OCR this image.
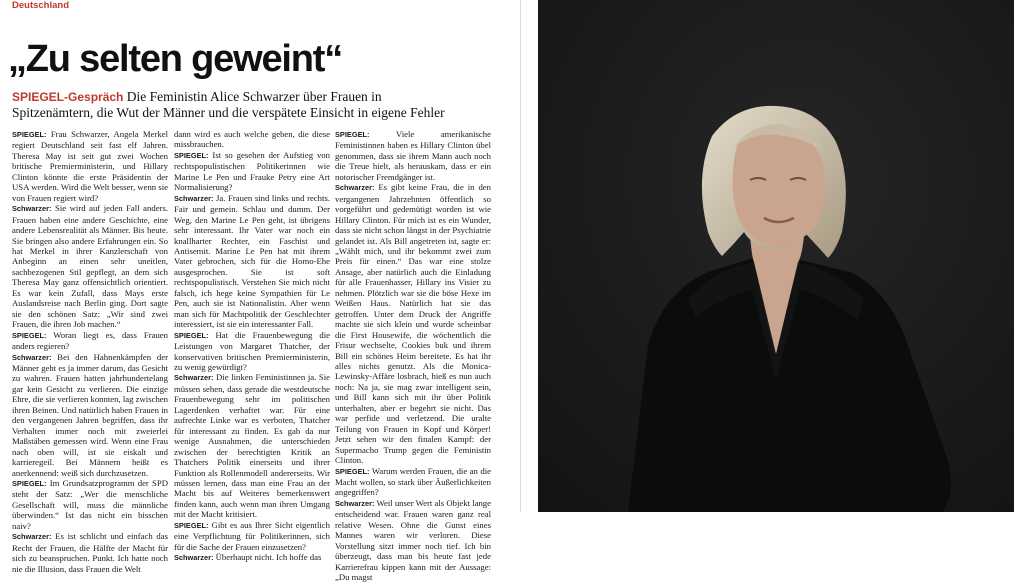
Deutschland
„Zu selten geweint“
SPIEGEL-Gespräch Die Feministin Alice Schwarzer über Frauen in Spitzenämtern, die Wut der Männer und die verspätete Einsicht in eigene Fehler

SPIEGEL: Frau Schwarzer, Angela Merkel regiert Deutschland seit fast elf Jahren. Theresa May ist seit gut zwei Wochen britische Premierministerin, und Hillary Clinton könnte die erste Präsidentin der USA werden. Wird die Welt besser, wenn sie von Frauen regiert wird?

Schwarzer: Sie wird auf jeden Fall anders. Frauen haben eine andere Geschichte, eine andere Lebensrealität als Männer. Bis heute. Sie bringen also andere Erfahrungen ein. So hat Merkel in ihrer Kanzlerschaft von Anbeginn an einen sehr uneitlen, sachbezogenen Stil gepflegt, an dem sich Theresa May ganz offensichtlich orientiert. Es war kein Zufall, dass Mays erste Auslandsreise nach Berlin ging. Dort sagte sie den schönen Satz: „Wir sind zwei Frauen, die ihren Job machen.“

SPIEGEL: Woran liegt es, dass Frauen anders regieren?

Schwarzer: Bei den Hahnenkämpfen der Männer geht es ja immer darum, das Gesicht zu wahren. Frauen hatten jahrhundertelang gar kein Gesicht zu verlieren. Die einzige Ehre, die sie verlieren konnten, lag zwischen ihren Beinen. Und natürlich haben Frauen in den vergangenen Jahren begriffen, dass ihr Verhalten immer noch mit zweierlei Maßstäben gemessen wird. Wenn eine Frau nach oben will, ist sie eiskalt und karrieregeil. Bei Männern heißt es anerkennend: weiß sich durchzusetzen.

SPIEGEL: Im Grundsatzprogramm der SPD steht der Satz: „Wer die menschliche Gesellschaft will, muss die männliche überwinden.“ Ist das nicht ein bisschen naiv?

Schwarzer: Es ist schlicht und einfach das Recht der Frauen, die Hälfte der Macht für sich zu beanspruchen. Punkt. Ich hatte noch nie die Illusion, dass Frauen die Welt

dann wird es auch welche geben, die diese missbrauchen.

SPIEGEL: Ist so gesehen der Aufstieg von rechtspopulistischen Politikerinnen wie Marine Le Pen und Frauke Petry eine Art Normalisierung?

Schwarzer: Ja. Frauen sind links und rechts. Fair und gemein. Schlau und dumm. Der Weg, den Marine Le Pen geht, ist übrigens sehr interessant. Ihr Vater war noch ein knallharter Rechter, ein Faschist und Antisemit. Marine Le Pen hat mit ihrem Vater gebrochen, sich für die Homo-Ehe ausgesprochen. Sie ist soft rechtspopulistisch. Verstehen Sie mich nicht falsch, ich hege keine Sympathien für Le Pen, auch sie ist Nationalistin. Aber wenn man sich für Machtpolitik der Geschlechter interessiert, ist sie ein interessanter Fall.

SPIEGEL: Hat die Frauenbewegung die Leistungen von Margaret Thatcher, der konservativen britischen Premierministerin, zu wenig gewürdigt?

Schwarzer: Die linken Feministinnen ja. Sie müssen sehen, dass gerade die westdeutsche Frauenbewegung sehr im politischen Lagerdenken verhaftet war. Für eine aufrechte Linke war es verboten, Thatcher für interessant zu finden. Es gab da nur wenige Ausnahmen, die unterschieden zwischen der berechtigten Kritik an Thatchers Politik einerseits und ihrer Funktion als Rollenmodell andererseits. Wir müssen lernen, dass man eine Frau an der Macht bis auf Weiteres bemerkenswert finden kann, auch wenn man ihren Umgang mit der Macht kritisiert.

SPIEGEL: Gibt es aus Ihrer Sicht eigentlich eine Verpflichtung für Politikerinnen, sich für die Sache der Frauen einzusetzen?

Schwarzer: Überhaupt nicht. Ich hoffe das

SPIEGEL: Viele amerikanische Feministinnen haben es Hillary Clinton übel genommen, dass sie ihrem Mann auch noch die Treue hielt, als herauskam, dass er ein notorischer Fremdgänger ist.

Schwarzer: Es gibt keine Frau, die in den vergangenen Jahrzehnten öffentlich so vorgeführt und gedemütigt worden ist wie Hillary Clinton. Für mich ist es ein Wunder, dass sie nicht schon längst in der Psychiatrie gelandet ist. Als Bill angetreten ist, sagte er: „Wählt mich, und ihr bekommt zwei zum Preis für einen.“ Das war eine stolze Ansage, aber natürlich auch die Einladung für alle Frauenhasser, Hillary ins Visier zu nehmen. Plötzlich war sie die böse Hexe im Weißen Haus. Natürlich hat sie das getroffen. Unter dem Druck der Angriffe machte sie sich klein und wurde scheinbar die First Housewife, die wöchentlich die Frisur wechselte, Cookies buk und ihrem Bill ein schönes Heim bereitete. Es hat ihr alles nichts genutzt. Als die Monica-Lewinsky-Affäre losbrach, hieß es nun auch noch: Na ja, sie mag zwar intelligent sein, und Bill kann sich mit ihr über Politik unterhalten, aber er begehrt sie nicht. Das war perfide und verletzend. Die uralte Teilung von Frauen in Kopf und Körper! Jetzt sehen wir den finalen Kampf: der Supermacho Trump gegen die Feministin Clinton.

SPIEGEL: Warum werden Frauen, die an die Macht wollen, so stark über Äußerlichkeiten angegriffen?

Schwarzer: Weil unser Wert als Objekt lange entscheidend war. Frauen waren ganz real relative Wesen. Ohne die Gunst eines Mannes waren wir verloren. Diese Vorstellung sitzt immer noch tief. Ich bin überzeugt, dass man bis heute fast jede Karrierefrau kippen kann mit der Aussage: „Du magst
